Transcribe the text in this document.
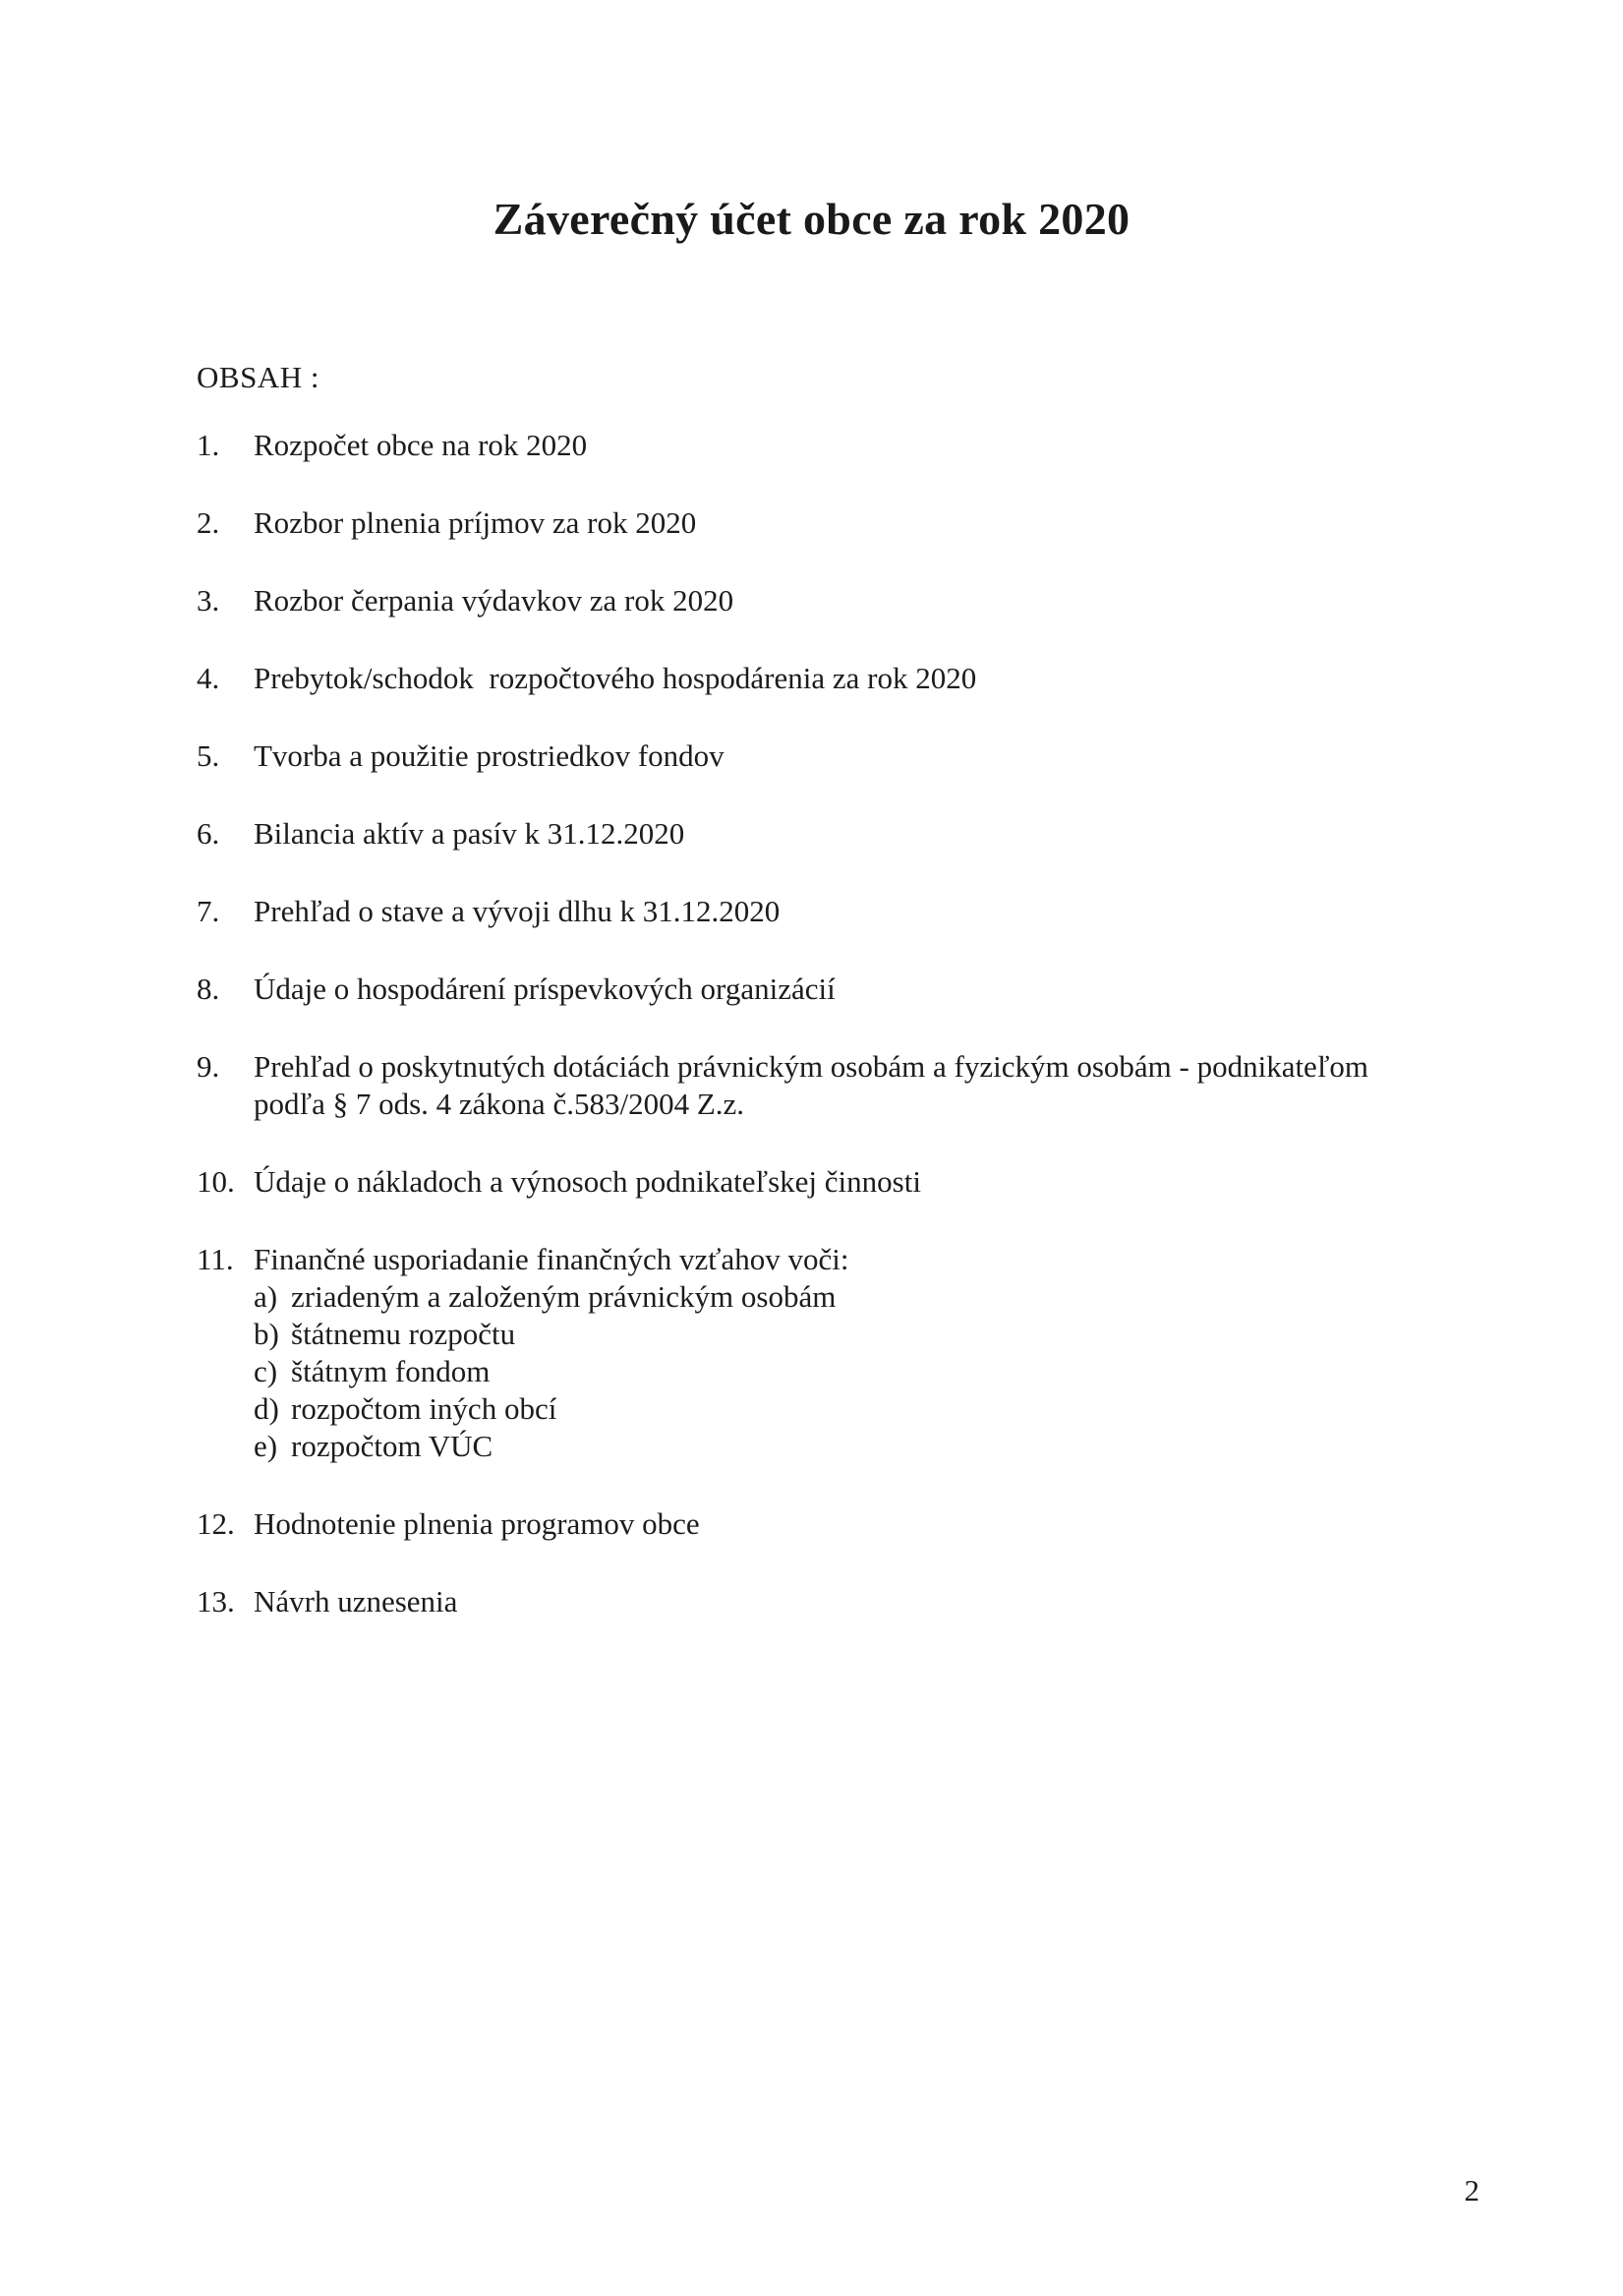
Záverečný účet obce za rok 2020
OBSAH :
1.	Rozpočet obce na rok 2020
2.	Rozbor plnenia príjmov za rok 2020
3.	Rozbor čerpania výdavkov za rok 2020
4.	Prebytok/schodok  rozpočtového hospodárenia za rok 2020
5.	Tvorba a použitie prostriedkov fondov
6.	Bilancia aktív a pasív k 31.12.2020
7.	Prehľad o stave a vývoji dlhu k 31.12.2020
8.	Údaje o hospodárení príspevkových organizácií
9.	Prehľad o poskytnutých dotáciách právnickým osobám a fyzickým osobám - podnikateľom
podľa § 7 ods. 4 zákona č.583/2004 Z.z.
10. Údaje o nákladoch a výnosoch podnikateľskej činnosti
11. Finančné usporiadanie finančných vzťahov voči:
a) zriadeným a založeným právnickým osobám
b) štátnemu rozpočtu
c) štátnym fondom
d) rozpočtom iných obcí
e) rozpočtom VÚC
12. Hodnotenie plnenia programov obce
13. Návrh uznesenia
2
